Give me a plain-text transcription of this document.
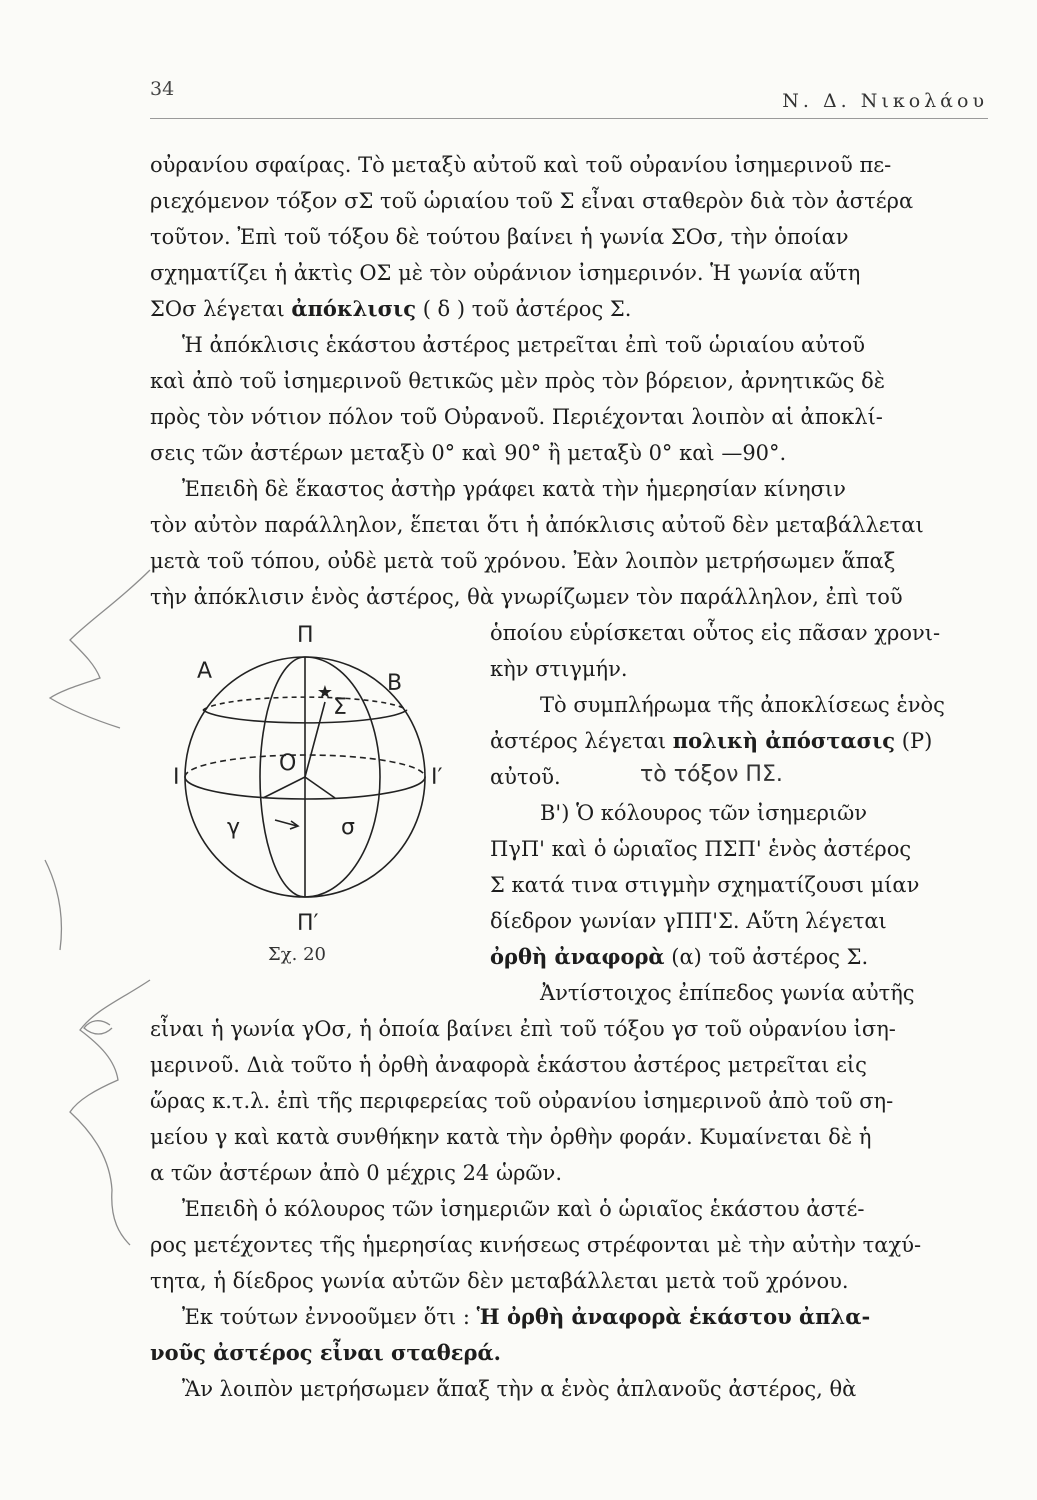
34
Ν. Δ. Νικολάου
οὐρανίου σφαίρας. Τὸ μεταξὺ αὐτοῦ καὶ τοῦ οὐρανίου ἰσημερινοῦ πε-
ριεχόμενον τόξον σΣ τοῦ ὡριαίου τοῦ Σ εἶναι σταθερὸν διὰ τὸν ἀστέρα
τοῦτον. Ἐπὶ τοῦ τόξου δὲ τούτου βαίνει ἡ γωνία ΣΟσ, τὴν ὁποίαν
σχηματίζει ἡ ἀκτὶς ΟΣ μὲ τὸν οὐράνιον ἰσημερινόν. Ἡ γωνία αὕτη
ΣΟσ λέγεται ἀπόκλισις ( δ ) τοῦ ἀστέρος Σ.
Ἡ ἀπόκλισις ἑκάστου ἀστέρος μετρεῖται ἐπὶ τοῦ ὡριαίου αὐτοῦ
καὶ ἀπὸ τοῦ ἰσημερινοῦ θετικῶς μὲν πρὸς τὸν βόρειον, ἀρνητικῶς δὲ
πρὸς τὸν νότιον πόλον τοῦ Οὐρανοῦ. Περιέχονται λοιπὸν αἱ ἀποκλί-
σεις τῶν ἀστέρων μεταξὺ 0° καὶ 90° ἢ μεταξὺ 0° καὶ —90°.
Ἐπειδὴ δὲ ἕκαστος ἀστὴρ γράφει κατὰ τὴν ἡμερησίαν κίνησιν
τὸν αὐτὸν παράλληλον, ἕπεται ὅτι ἡ ἀπόκλισις αὐτοῦ δὲν μεταβάλλεται
μετὰ τοῦ τόπου, οὐδὲ μετὰ τοῦ χρόνου. Ἐὰν λοιπὸν μετρήσωμεν ἅπαξ
τὴν ἀπόκλισιν ἑνὸς ἀστέρος, θὰ γνωρίζωμεν τὸν παράλληλον, ἐπὶ τοῦ
ὁποίου εὑρίσκεται οὗτος εἰς πᾶσαν χρονι-
κὴν στιγμήν.
Τὸ συμπλήρωμα τῆς ἀποκλίσεως ἑνὸς
ἀστέρος λέγεται πολικὴ ἀπόστασις (P)
αὐτοῦ.	τὸ τόξον ΠΣ.
Β') Ὁ κόλουρος τῶν ἰσημεριῶν
ΠγΠ' καὶ ὁ ὡριαῖος ΠΣΠ' ἑνὸς ἀστέρος
Σ κατά τινα στιγμὴν σχηματίζουσι μίαν
δίεδρον γωνίαν γΠΠ'Σ. Αὕτη λέγεται
ὀρθὴ ἀναφορὰ (α) τοῦ ἀστέρος Σ.
Ἀντίστοιχος ἐπίπεδος γωνία αὐτῆς
εἶναι ἡ γωνία γΟσ, ἡ ὁποία βαίνει ἐπὶ τοῦ τόξου γσ τοῦ οὐρανίου ἰση-
μερινοῦ. Διὰ τοῦτο ἡ ὀρθὴ ἀναφορὰ ἑκάστου ἀστέρος μετρεῖται εἰς
ὥρας κ.τ.λ. ἐπὶ τῆς περιφερείας τοῦ οὐρανίου ἰσημερινοῦ ἀπὸ τοῦ ση-
μείου γ καὶ κατὰ συνθήκην κατὰ τὴν ὀρθὴν φοράν. Κυμαίνεται δὲ ἡ
α τῶν ἀστέρων ἀπὸ 0 μέχρις 24 ὡρῶν.
Ἐπειδὴ ὁ κόλουρος τῶν ἰσημεριῶν καὶ ὁ ὡριαῖος ἑκάστου ἀστέ-
ρος μετέχοντες τῆς ἡμερησίας κινήσεως στρέφονται μὲ τὴν αὐτὴν ταχύ-
τητα, ἡ δίεδρος γωνία αὐτῶν δὲν μεταβάλλεται μετὰ τοῦ χρόνου.
Ἐκ τούτων ἐννοοῦμεν ὅτι : Ἡ ὀρθὴ ἀναφορὰ ἑκάστου ἀπλα-
νοῦς ἀστέρος εἶναι σταθερά.
Ἂν λοιπὸν μετρήσωμεν ἅπαξ τὴν α ἑνὸς ἀπλανοῦς ἀστέρος, θὰ
★
Π
Π′
Α	Β
Ι	Ι′
Ο
Σ
γ	σ
Σχ. 20
